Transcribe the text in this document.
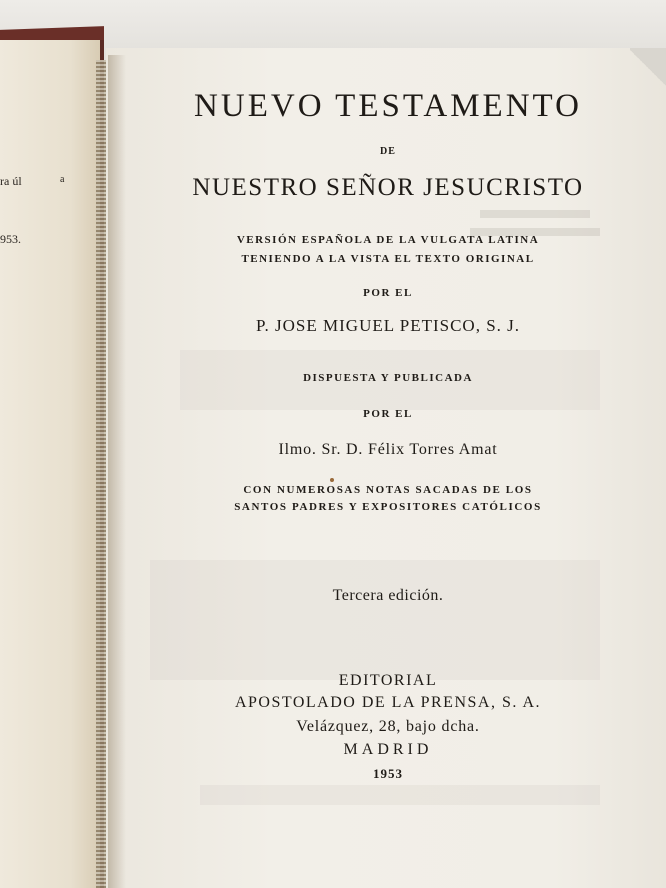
ra úl	a
953.
NUEVO TESTAMENTO
DE
NUESTRO SEÑOR JESUCRISTO
VERSIÓN ESPAÑOLA DE LA VULGATA LATINA
TENIENDO A LA VISTA EL TEXTO ORIGINAL
POR EL
P. JOSE MIGUEL PETISCO, S. J.
DISPUESTA Y PUBLICADA
POR EL
Ilmo. Sr. D. Félix Torres Amat
CON NUMEROSAS NOTAS SACADAS DE LOS
SANTOS PADRES Y EXPOSITORES CATÓLICOS
Tercera edición.
EDITORIAL
APOSTOLADO DE LA PRENSA, S. A.
Velázquez, 28, bajo dcha.
MADRID
1953
